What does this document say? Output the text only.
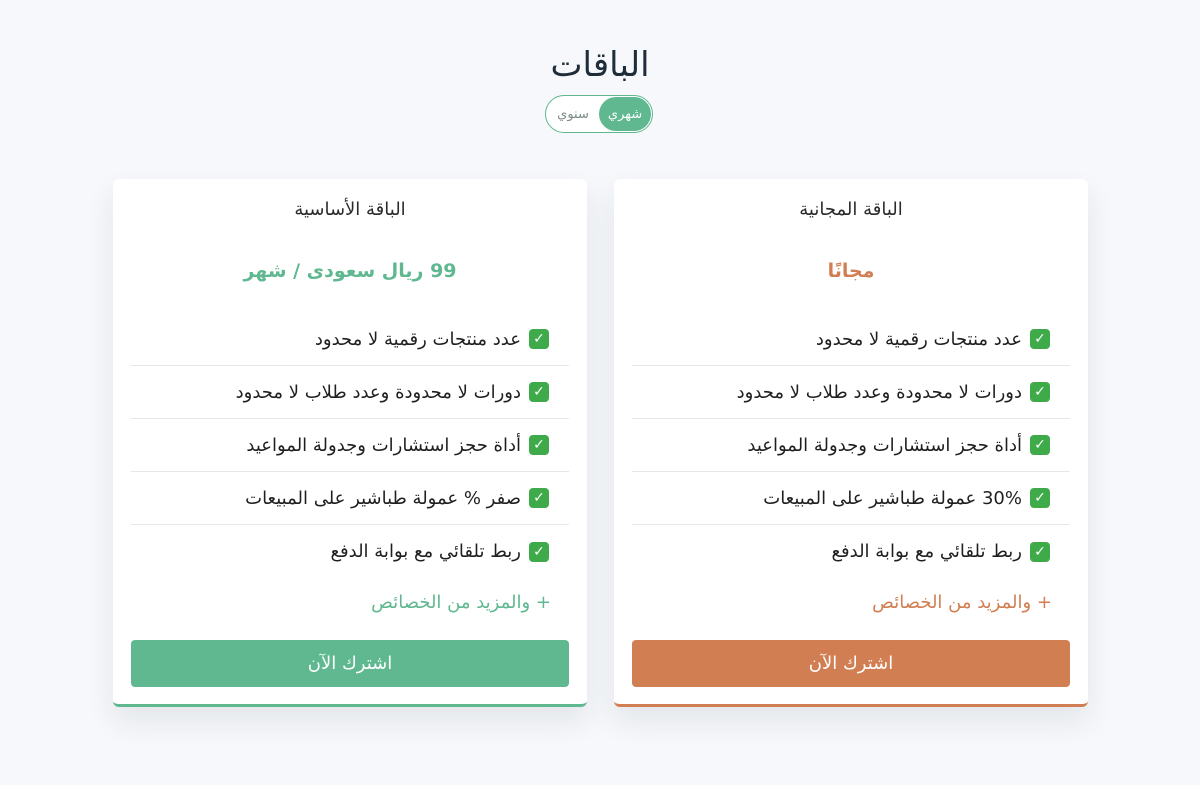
الباقات
شهري
سنوي
الباقة المجانية
مجانًا
✓
عدد منتجات رقمية لا محدود
✓
دورات لا محدودة وعدد طلاب لا محدود
✓
أداة حجز استشارات وجدولة المواعيد
✓
30% عمولة طباشير على المبيعات
✓
ربط تلقائي مع بوابة الدفع
+ والمزيد من الخصائص
اشترك الآن
الباقة الأساسية
99 ريال سعودى / شهر
✓
عدد منتجات رقمية لا محدود
✓
دورات لا محدودة وعدد طلاب لا محدود
✓
أداة حجز استشارات وجدولة المواعيد
✓
صفر % عمولة طباشير على المبيعات
✓
ربط تلقائي مع بوابة الدفع
+ والمزيد من الخصائص
اشترك الآن
